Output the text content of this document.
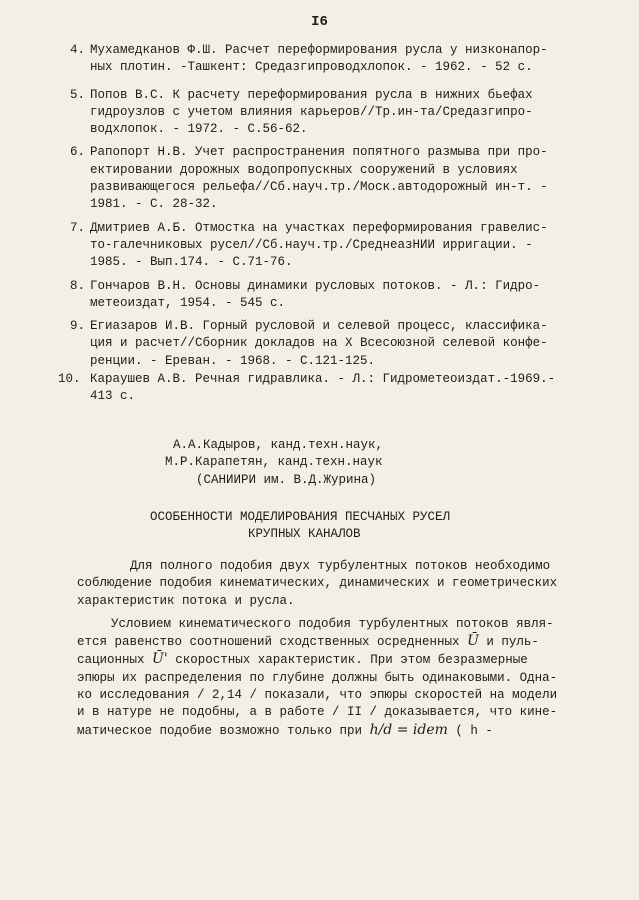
I6
4. Мухамедканов Ф.Ш. Расчет переформирования русла у низконапор-
ных плотин. -Ташкент: Средазгипроводхлопок. - 1962. - 52 с.
5. Попов В.С. К расчету переформирования русла в нижних бьефах
гидроузлов с учетом влияния карьеров//Тр.ин-та/Средазгипро-
водхлопок. - 1972. - С.56-62.
6. Рапопорт Н.В. Учет распространения попятного размыва при про-
ектировании дорожных водопропускных сооружений в условиях
развивающегося рельефа//Сб.науч.тр./Моск.автодорожный ин-т. -
1981. - С. 28-32.
7. Дмитриев А.Б. Отмостка на участках переформирования гравелис-
то-галечниковых русел//Сб.науч.тр./СреднеазНИИ ирригации. -
1985. - Вып.174. - С.71-76.
8. Гончаров В.Н. Основы динамики русловых потоков. - Л.: Гидро-
метеоиздат, 1954. - 545 с.
9. Егиазаров И.В. Горный русловой и селевой процесс, классифика-
ция и расчет//Сборник докладов на X Всесоюзной селевой конфе-
ренции. - Ереван. - 1968. - С.121-125.
10. Караушев А.В. Речная гидравлика. - Л.: Гидрометеоиздат.-1969.-
413 с.
А.А.Кадыров, канд.техн.наук,
М.Р.Карапетян, канд.техн.наук
(САНИИРИ им. В.Д.Журина)
ОСОБЕННОСТИ МОДЕЛИРОВАНИЯ ПЕСЧАНЫХ РУСЕЛ
КРУПНЫХ КАНАЛОВ
Для полного подобия двух турбулентных потоков необходимо
соблюдение подобия кинематических, динамических и геометрических
характеристик потока и русла.
Условием кинематического подобия турбулентных потоков явля-
ется равенство соотношений сходственных осредненных Ū и пуль-
сационных Ū' скоростных характеристик. При этом безразмерные
эпюры их распределения по глубине должны быть одинаковыми. Одна-
ко исследования / 2,14 / показали, что эпюры скоростей на модели
и в натуре не подобны, а в работе / II / доказывается, что кине-
матическое подобие возможно только при h/d = idem ( h -
